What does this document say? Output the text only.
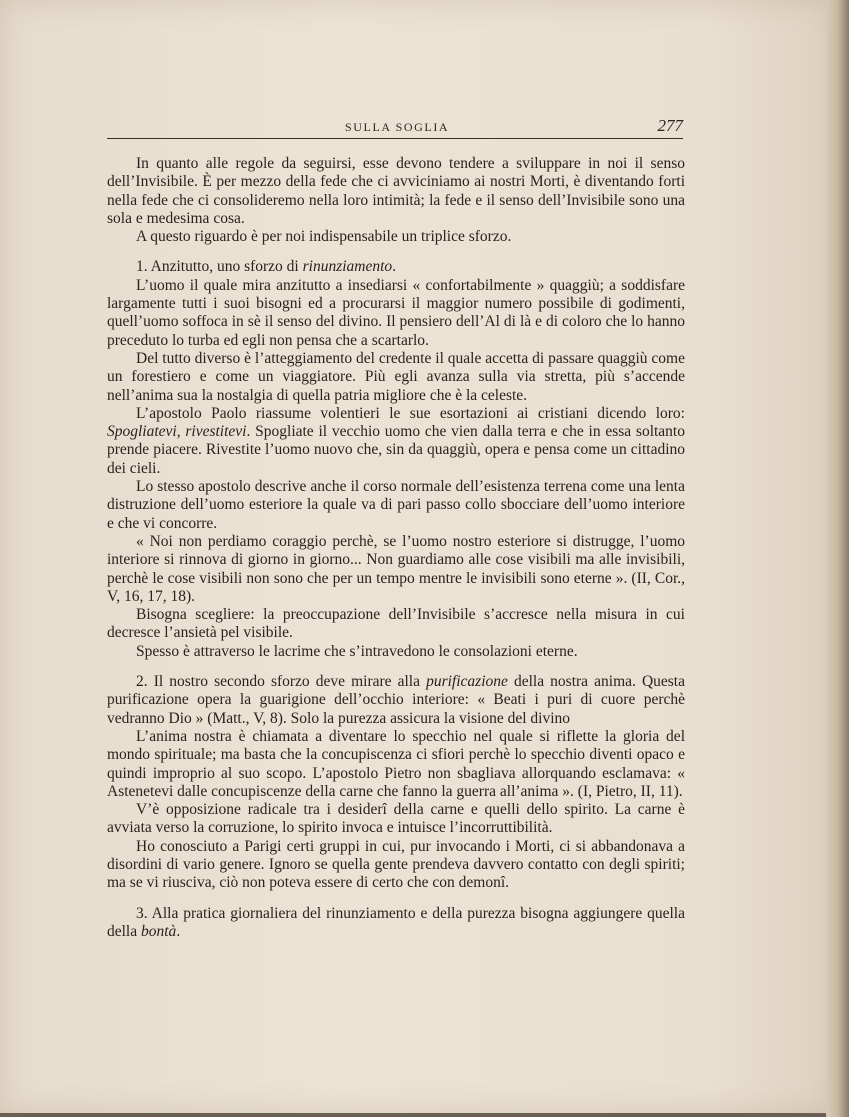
SULLA SOGLIA	277

In quanto alle regole da seguirsi, esse devono tendere a sviluppare in noi il senso dell’Invisibile. È per mezzo della fede che ci avviciniamo ai nostri Morti, è diventando forti nella fede che ci consolideremo nella loro intimità; la fede e il senso dell’Invisibile sono una sola e medesima cosa.

A questo riguardo è per noi indispensabile un triplice sforzo.

1. Anzitutto, uno sforzo di rinunziamento.

L’uomo il quale mira anzitutto a insediarsi « confortabilmente » quaggiù; a soddisfare largamente tutti i suoi bisogni ed a procurarsi il maggior numero possibile di godimenti, quell’uomo soffoca in sè il senso del divino. Il pensiero dell’Al di là e di coloro che lo hanno preceduto lo turba ed egli non pensa che a scartarlo.

Del tutto diverso è l’atteggiamento del credente il quale accetta di passare quaggiù come un forestiero e come un viaggiatore. Più egli avanza sulla via stretta, più s’accende nell’anima sua la nostalgia di quella patria migliore che è la celeste.

L’apostolo Paolo riassume volentieri le sue esortazioni ai cristiani dicendo loro: Spogliatevi, rivestitevi. Spogliate il vecchio uomo che vien dalla terra e che in essa soltanto prende piacere. Rivestite l’uomo nuovo che, sin da quaggiù, opera e pensa come un cittadino dei cieli.

Lo stesso apostolo descrive anche il corso normale dell’esistenza terrena come una lenta distruzione dell’uomo esteriore la quale va di pari passo collo sbocciare dell’uomo interiore e che vi concorre.

« Noi non perdiamo coraggio perchè, se l’uomo nostro esteriore si distrugge, l’uomo interiore si rinnova di giorno in giorno... Non guardiamo alle cose visibili ma alle invisibili, perchè le cose visibili non sono che per un tempo mentre le invisibili sono eterne ». (II, Cor., V, 16, 17, 18).

Bisogna scegliere: la preoccupazione dell’Invisibile s’accresce nella misura in cui decresce l’ansietà pel visibile.

Spesso è attraverso le lacrime che s’intravedono le consolazioni eterne.

2. Il nostro secondo sforzo deve mirare alla purificazione della nostra anima. Questa purificazione opera la guarigione dell’occhio interiore: « Beati i puri di cuore perchè vedranno Dio » (Matt., V, 8). Solo la purezza assicura la visione del divino

L’anima nostra è chiamata a diventare lo specchio nel quale si riflette la gloria del mondo spirituale; ma basta che la concupiscenza ci sfiori perchè lo specchio diventi opaco e quindi improprio al suo scopo. L’apostolo Pietro non sbagliava allorquando esclamava: « Astenetevi dalle concupiscenze della carne che fanno la guerra all’anima ». (I, Pietro, II, 11).

V’è opposizione radicale tra i desiderî della carne e quelli dello spirito. La carne è avviata verso la corruzione, lo spirito invoca e intuisce l’incorruttibilità.

Ho conosciuto a Parigi certi gruppi in cui, pur invocando i Morti, ci si abbandonava a disordini di vario genere. Ignoro se quella gente prendeva davvero contatto con degli spiriti; ma se vi riusciva, ciò non poteva essere di certo che con demonî.

3. Alla pratica giornaliera del rinunziamento e della purezza bisogna aggiungere quella della bontà.
